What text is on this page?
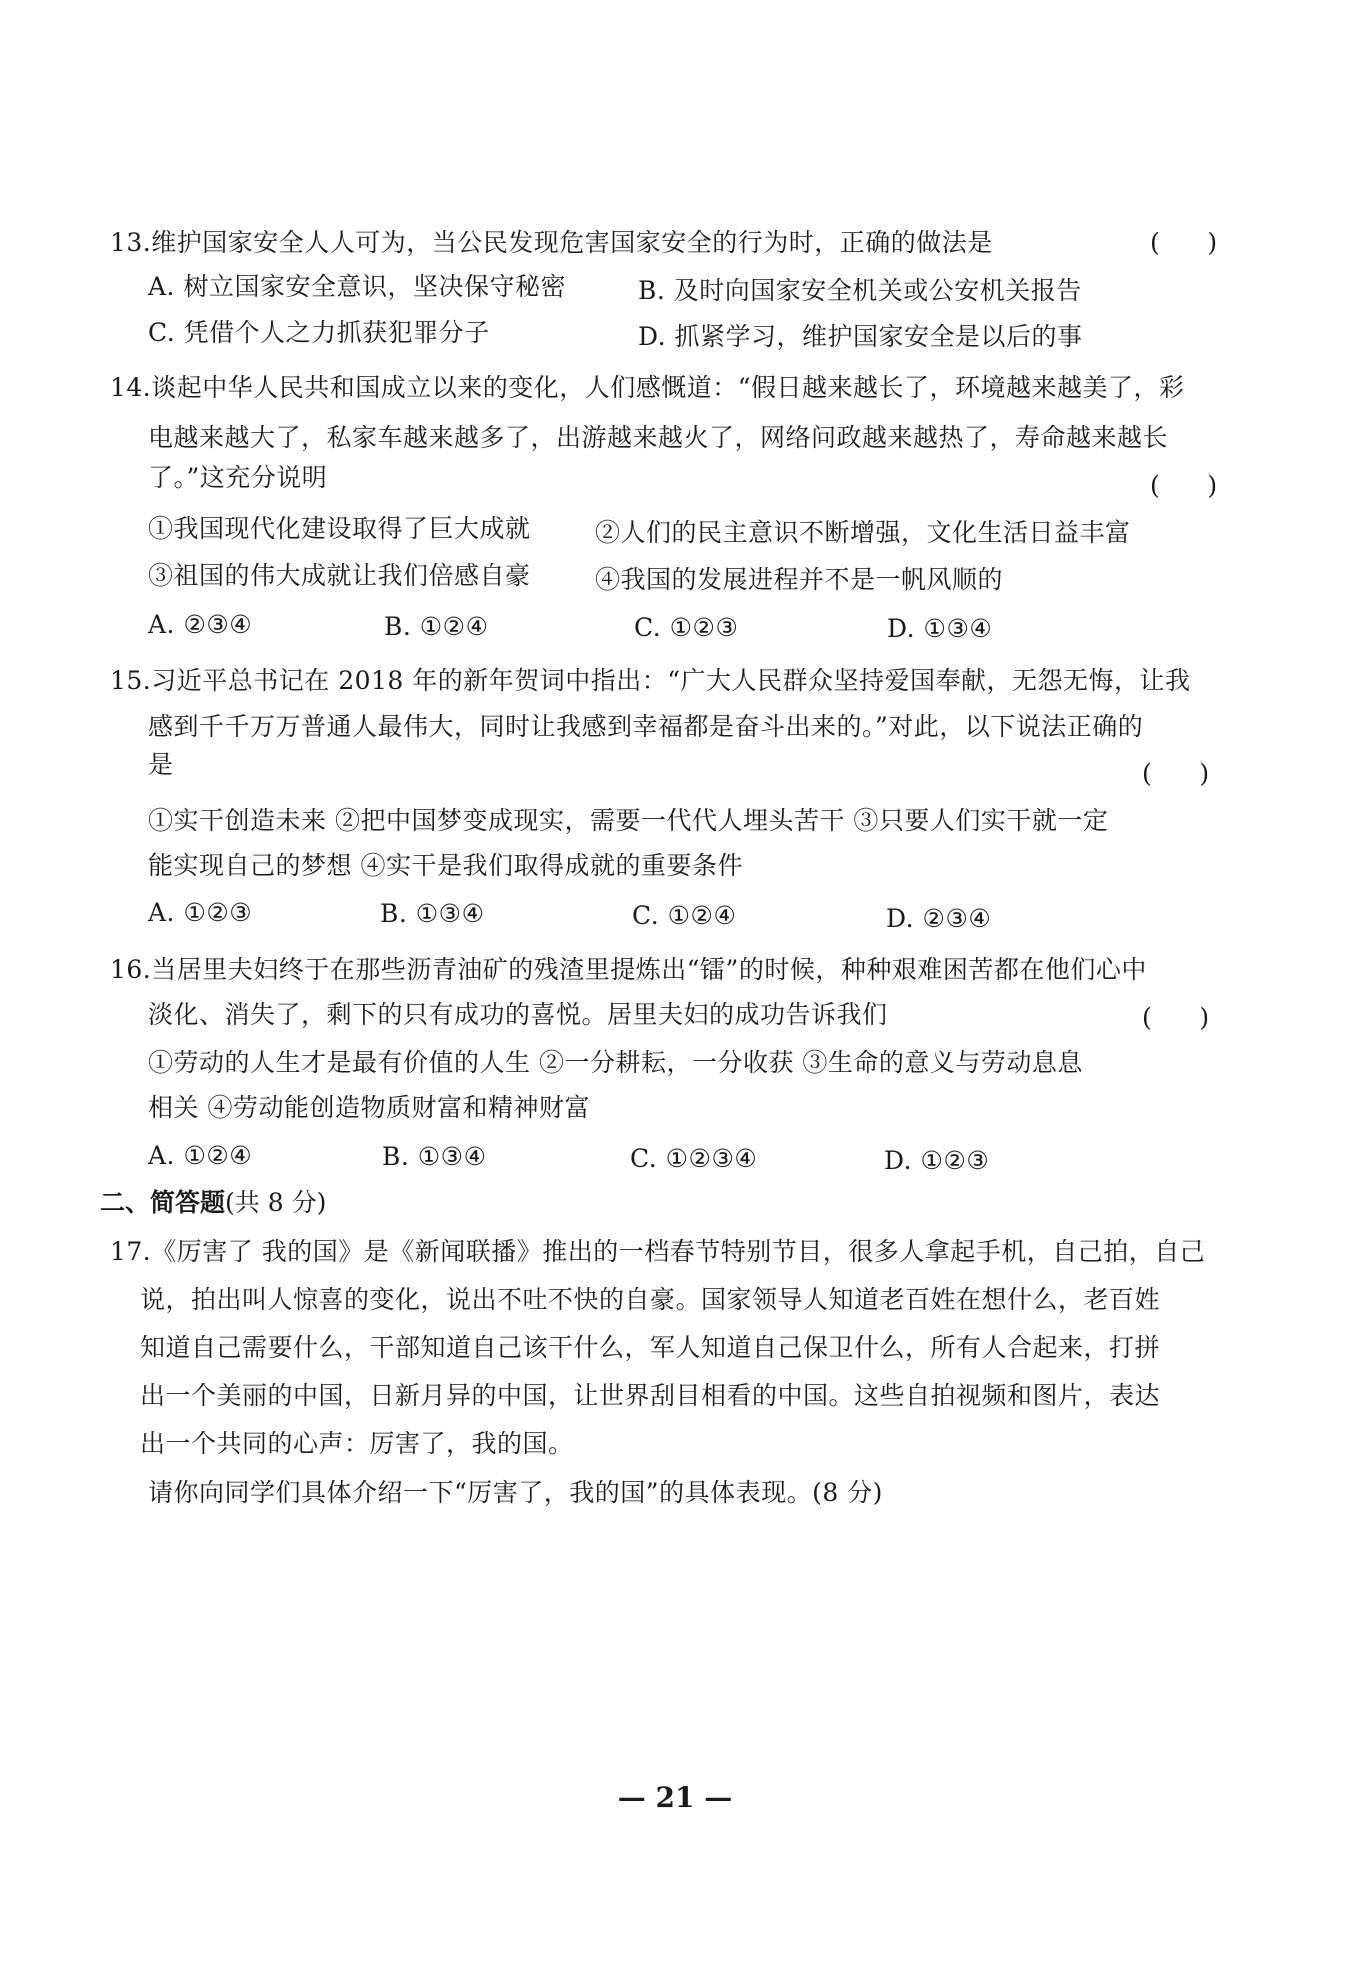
13.维护国家安全人人可为，当公民发现危害国家安全的行为时，正确的做法是	(      )
A. 树立国家安全意识，坚决保守秘密	B. 及时向国家安全机关或公安机关报告
C. 凭借个人之力抓获犯罪分子	D. 抓紧学习，维护国家安全是以后的事
14.谈起中华人民共和国成立以来的变化，人们感慨道：“假日越来越长了，环境越来越美了，彩
电越来越大了，私家车越来越多了，出游越来越火了，网络问政越来越热了，寿命越来越长
了。”这充分说明	(      )
①我国现代化建设取得了巨大成就	②人们的民主意识不断增强，文化生活日益丰富
③祖国的伟大成就让我们倍感自豪	④我国的发展进程并不是一帆风顺的
A. ②③④	B. ①②④	C. ①②③	D. ①③④
15.习近平总书记在 2018 年的新年贺词中指出：“广大人民群众坚持爱国奉献，无怨无悔，让我
感到千千万万普通人最伟大，同时让我感到幸福都是奋斗出来的。”对此，以下说法正确的
是	(      )
①实干创造未来 ②把中国梦变成现实，需要一代代人埋头苦干 ③只要人们实干就一定
能实现自己的梦想 ④实干是我们取得成就的重要条件
A. ①②③	B. ①③④	C. ①②④	D. ②③④
16.当居里夫妇终于在那些沥青油矿的残渣里提炼出“镭”的时候，种种艰难困苦都在他们心中
淡化、消失了，剩下的只有成功的喜悦。居里夫妇的成功告诉我们	(      )
①劳动的人生才是最有价值的人生 ②一分耕耘，一分收获 ③生命的意义与劳动息息
相关 ④劳动能创造物质财富和精神财富
A. ①②④	B. ①③④	C. ①②③④	D. ①②③
二、简答题(共 8 分)
17.《厉害了 我的国》是《新闻联播》推出的一档春节特别节目，很多人拿起手机，自己拍，自己
说，拍出叫人惊喜的变化，说出不吐不快的自豪。国家领导人知道老百姓在想什么，老百姓
知道自己需要什么，干部知道自己该干什么，军人知道自己保卫什么，所有人合起来，打拼
出一个美丽的中国，日新月异的中国，让世界刮目相看的中国。这些自拍视频和图片，表达
出一个共同的心声：厉害了，我的国。
请你向同学们具体介绍一下“厉害了，我的国”的具体表现。(8 分)
— 21 —
